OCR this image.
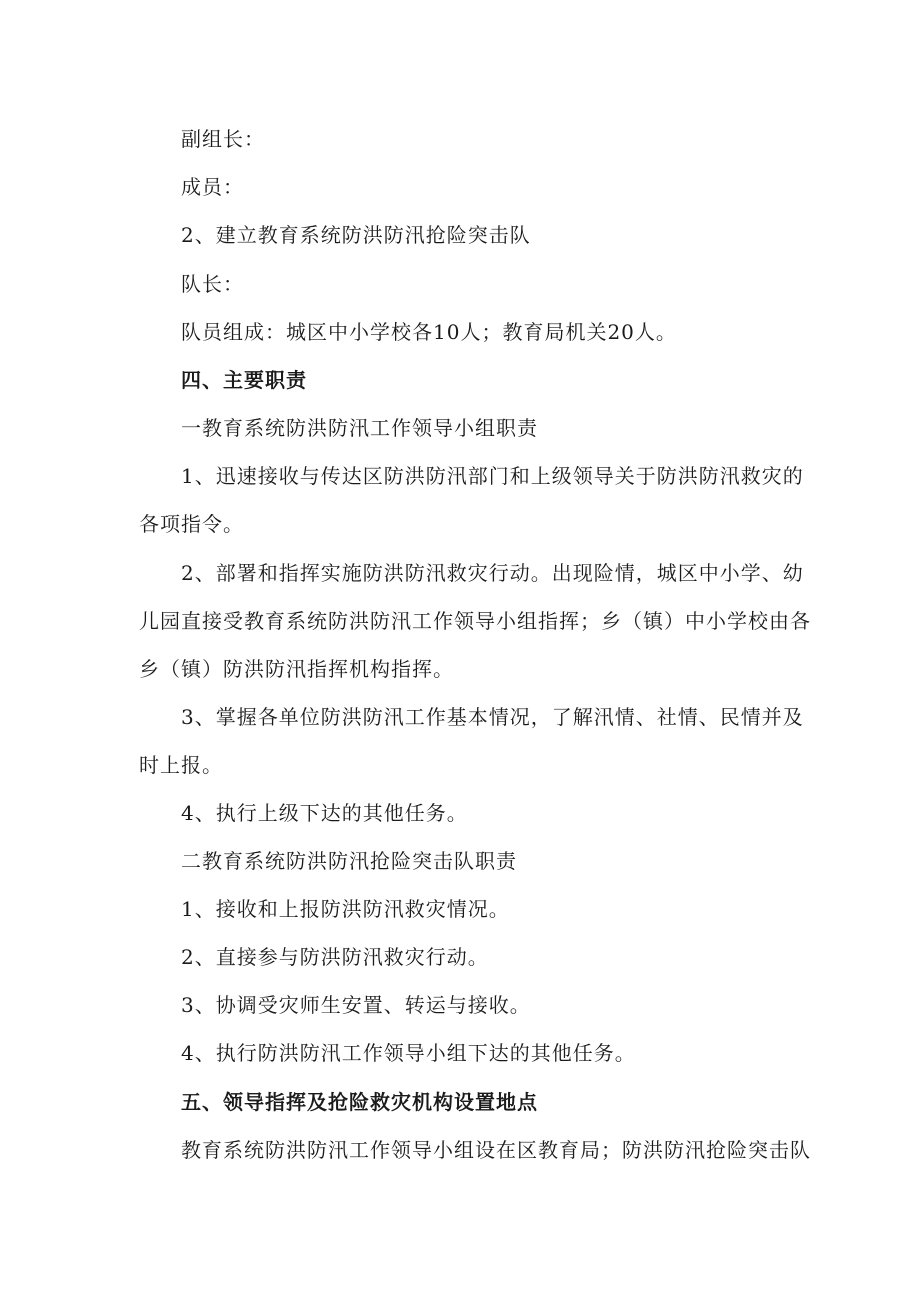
副组长：
成员：
2、建立教育系统防洪防汛抢险突击队
队长：
队员组成：城区中小学校各10人；教育局机关20人。
四、主要职责
一教育系统防洪防汛工作领导小组职责
1、迅速接收与传达区防洪防汛部门和上级领导关于防洪防汛救灾的
各项指令。
2、部署和指挥实施防洪防汛救灾行动。出现险情，城区中小学、幼
儿园直接受教育系统防洪防汛工作领导小组指挥；乡（镇）中小学校由各
乡（镇）防洪防汛指挥机构指挥。
3、掌握各单位防洪防汛工作基本情况，了解汛情、社情、民情并及
时上报。
4、执行上级下达的其他任务。
二教育系统防洪防汛抢险突击队职责
1、接收和上报防洪防汛救灾情况。
2、直接参与防洪防汛救灾行动。
3、协调受灾师生安置、转运与接收。
4、执行防洪防汛工作领导小组下达的其他任务。
五、领导指挥及抢险救灾机构设置地点
教育系统防洪防汛工作领导小组设在区教育局；防洪防汛抢险突击队
